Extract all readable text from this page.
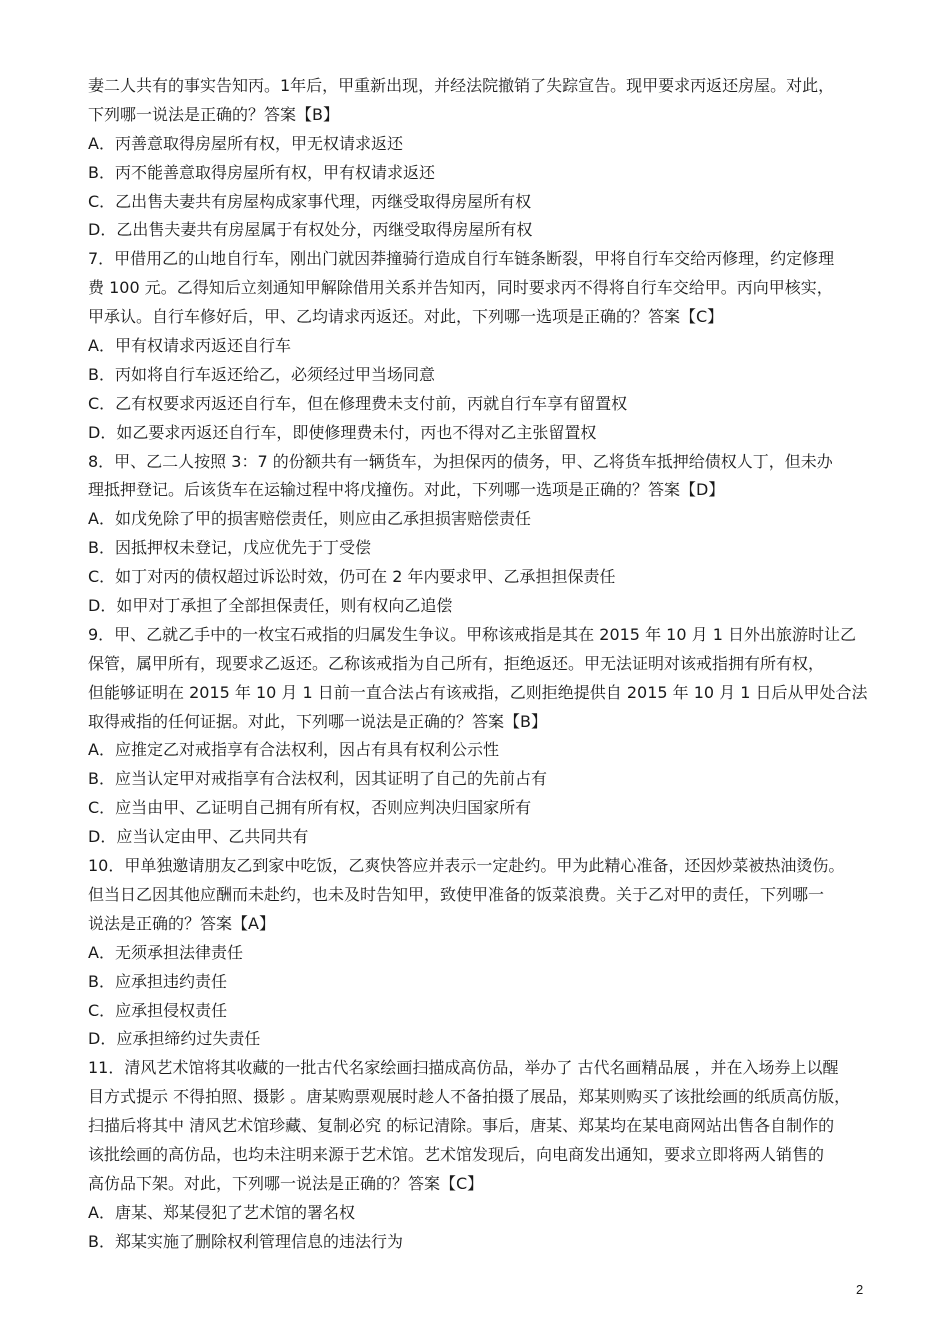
妻二人共有的事实告知丙。1年后，甲重新出现，并经法院撤销了失踪宣告。现甲要求丙返还房屋。对此，
下列哪一说法是正确的？答案【B】
A．丙善意取得房屋所有权，甲无权请求返还
B．丙不能善意取得房屋所有权，甲有权请求返还
C．乙出售夫妻共有房屋构成家事代理，丙继受取得房屋所有权
D．乙出售夫妻共有房屋属于有权处分，丙继受取得房屋所有权
7．甲借用乙的山地自行车，刚出门就因莽撞骑行造成自行车链条断裂，甲将自行车交给丙修理，约定修理
费 100 元。乙得知后立刻通知甲解除借用关系并告知丙，同时要求丙不得将自行车交给甲。丙向甲核实，
甲承认。自行车修好后，甲、乙均请求丙返还。对此，下列哪一选项是正确的？答案【C】
A．甲有权请求丙返还自行车
B．丙如将自行车返还给乙，必须经过甲当场同意
C．乙有权要求丙返还自行车，但在修理费未支付前，丙就自行车享有留置权
D．如乙要求丙返还自行车，即使修理费未付，丙也不得对乙主张留置权
8．甲、乙二人按照 3：7 的份额共有一辆货车，为担保丙的债务，甲、乙将货车抵押给债权人丁，但未办
理抵押登记。后该货车在运输过程中将戊撞伤。对此，下列哪一选项是正确的？答案【D】
A．如戊免除了甲的损害赔偿责任，则应由乙承担损害赔偿责任
B．因抵押权未登记，戊应优先于丁受偿
C．如丁对丙的债权超过诉讼时效，仍可在 2 年内要求甲、乙承担担保责任
D．如甲对丁承担了全部担保责任，则有权向乙追偿
9．甲、乙就乙手中的一枚宝石戒指的归属发生争议。甲称该戒指是其在 2015 年 10 月 1 日外出旅游时让乙
保管，属甲所有，现要求乙返还。乙称该戒指为自己所有，拒绝返还。甲无法证明对该戒指拥有所有权，
但能够证明在 2015 年 10 月 1 日前一直合法占有该戒指，乙则拒绝提供自 2015 年 10 月 1 日后从甲处合法
取得戒指的任何证据。对此，下列哪一说法是正确的？答案【B】
A．应推定乙对戒指享有合法权利，因占有具有权利公示性
B．应当认定甲对戒指享有合法权利，因其证明了自己的先前占有
C．应当由甲、乙证明自己拥有所有权，否则应判决归国家所有
D．应当认定由甲、乙共同共有
10．甲单独邀请朋友乙到家中吃饭，乙爽快答应并表示一定赴约。甲为此精心准备，还因炒菜被热油烫伤。
但当日乙因其他应酬而未赴约，也未及时告知甲，致使甲准备的饭菜浪费。关于乙对甲的责任，下列哪一
说法是正确的？答案【A】
A．无须承担法律责任
B．应承担违约责任
C．应承担侵权责任
D．应承担缔约过失责任
11．清风艺术馆将其收藏的一批古代名家绘画扫描成高仿品，举办了 古代名画精品展 ，并在入场券上以醒
目方式提示 不得拍照、摄影 。唐某购票观展时趁人不备拍摄了展品，郑某则购买了该批绘画的纸质高仿版，
扫描后将其中 清风艺术馆珍藏、复制必究 的标记清除。事后，唐某、郑某均在某电商网站出售各自制作的
该批绘画的高仿品，也均未注明来源于艺术馆。艺术馆发现后，向电商发出通知，要求立即将两人销售的
高仿品下架。对此，下列哪一说法是正确的？答案【C】
A．唐某、郑某侵犯了艺术馆的署名权
B．郑某实施了删除权利管理信息的违法行为
2
